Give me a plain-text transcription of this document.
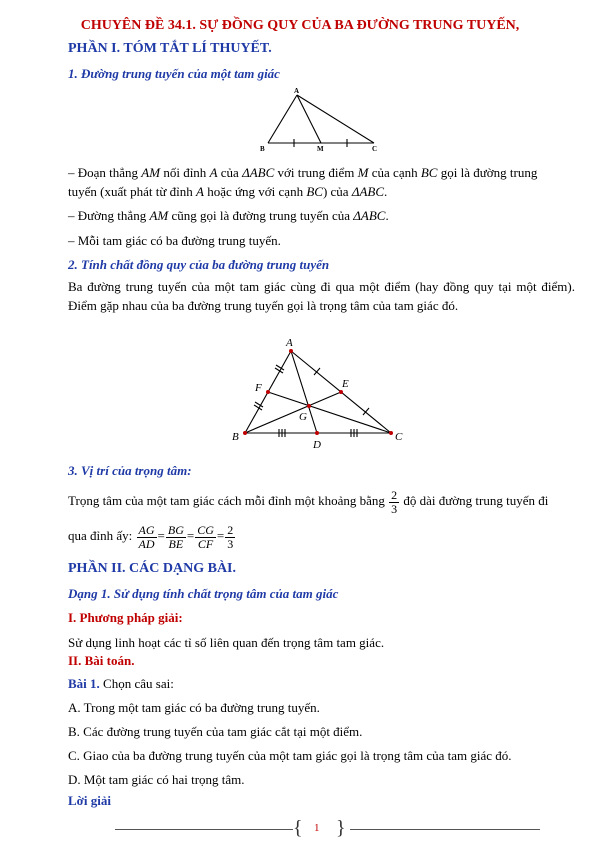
CHUYÊN ĐỀ 34.1. SỰ ĐỒNG QUY CỦA BA ĐƯỜNG TRUNG TUYẾN,
PHẦN I. TÓM TẮT LÍ THUYẾT.
1. Đường trung tuyến của một tam giác
A
B	M	C
– Đoạn thẳng AM nối đỉnh A của ΔABC với trung điểm M của cạnh BC gọi là đường trung
tuyến (xuất phát từ đỉnh A hoặc ứng với cạnh BC) của ΔABC.
– Đường thẳng AM cũng gọi là đường trung tuyến của ΔABC.
– Mỗi tam giác có ba đường trung tuyến.
2. Tính chất đồng quy của ba đường trung tuyến
Ba đường trung tuyến của một tam giác cùng đi qua một điểm (hay đồng quy tại một điểm). Điểm gặp nhau của ba đường trung tuyến gọi là trọng tâm của tam giác đó.
A
B	C
D
E
F
G
3. Vị trí của trọng tâm:
Trọng tâm của một tam giác cách mỗi đỉnh một khoảng bằng $\frac{2}{3}$ độ dài đường trung tuyến đi
qua đỉnh ấy: $\frac{AG}{AD} = \frac{BG}{BE} = \frac{CG}{CF} = \frac{2}{3}$
PHẦN II. CÁC DẠNG BÀI.
Dạng 1. Sử dụng tính chất trọng tâm của tam giác
I. Phương pháp giải:
Sử dụng linh hoạt các tỉ số liên quan đến trọng tâm tam giác.
II. Bài toán.
Bài 1. Chọn câu sai:
A. Trong một tam giác có ba đường trung tuyến.
B. Các đường trung tuyến của tam giác cắt tại một điểm.
C. Giao của ba đường trung tuyến của một tam giác gọi là trọng tâm của tam giác đó.
D. Một tam giác có hai trọng tâm.
Lời giải
{ }
1
